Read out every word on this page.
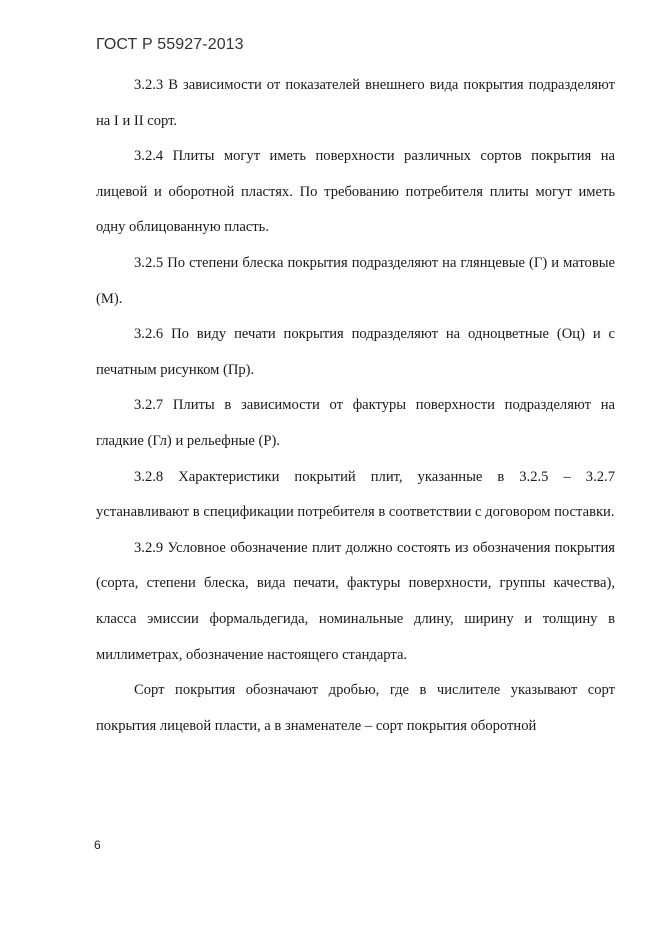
ГОСТ Р 55927-2013

3.2.3 В зависимости от показателей внешнего вида покрытия подразделяют на I и II сорт.

3.2.4 Плиты могут иметь поверхности различных сортов покрытия на лицевой и оборотной пластях. По требованию потребителя плиты могут иметь одну облицованную пласть.

3.2.5 По степени блеска покрытия подразделяют на глянцевые (Г) и матовые (М).

3.2.6 По виду печати покрытия подразделяют на одноцветные (Оц) и с печатным рисунком (Пр).

3.2.7 Плиты в зависимости от фактуры поверхности подразделяют на гладкие (Гл) и рельефные (Р).

3.2.8 Характеристики покрытий плит, указанные в 3.2.5 – 3.2.7 устанавливают в спецификации потребителя в соответствии с договором поставки.

3.2.9 Условное обозначение плит должно состоять из обозначения покрытия (сорта, степени блеска, вида печати, фактуры поверхности, группы качества), класса эмиссии формальдегида, номинальные длину, ширину и толщину в миллиметрах, обозначение настоящего стандарта.

Сорт покрытия обозначают дробью, где в числителе указывают сорт покрытия лицевой пласти, а в знаменателе – сорт покрытия оборотной

6
